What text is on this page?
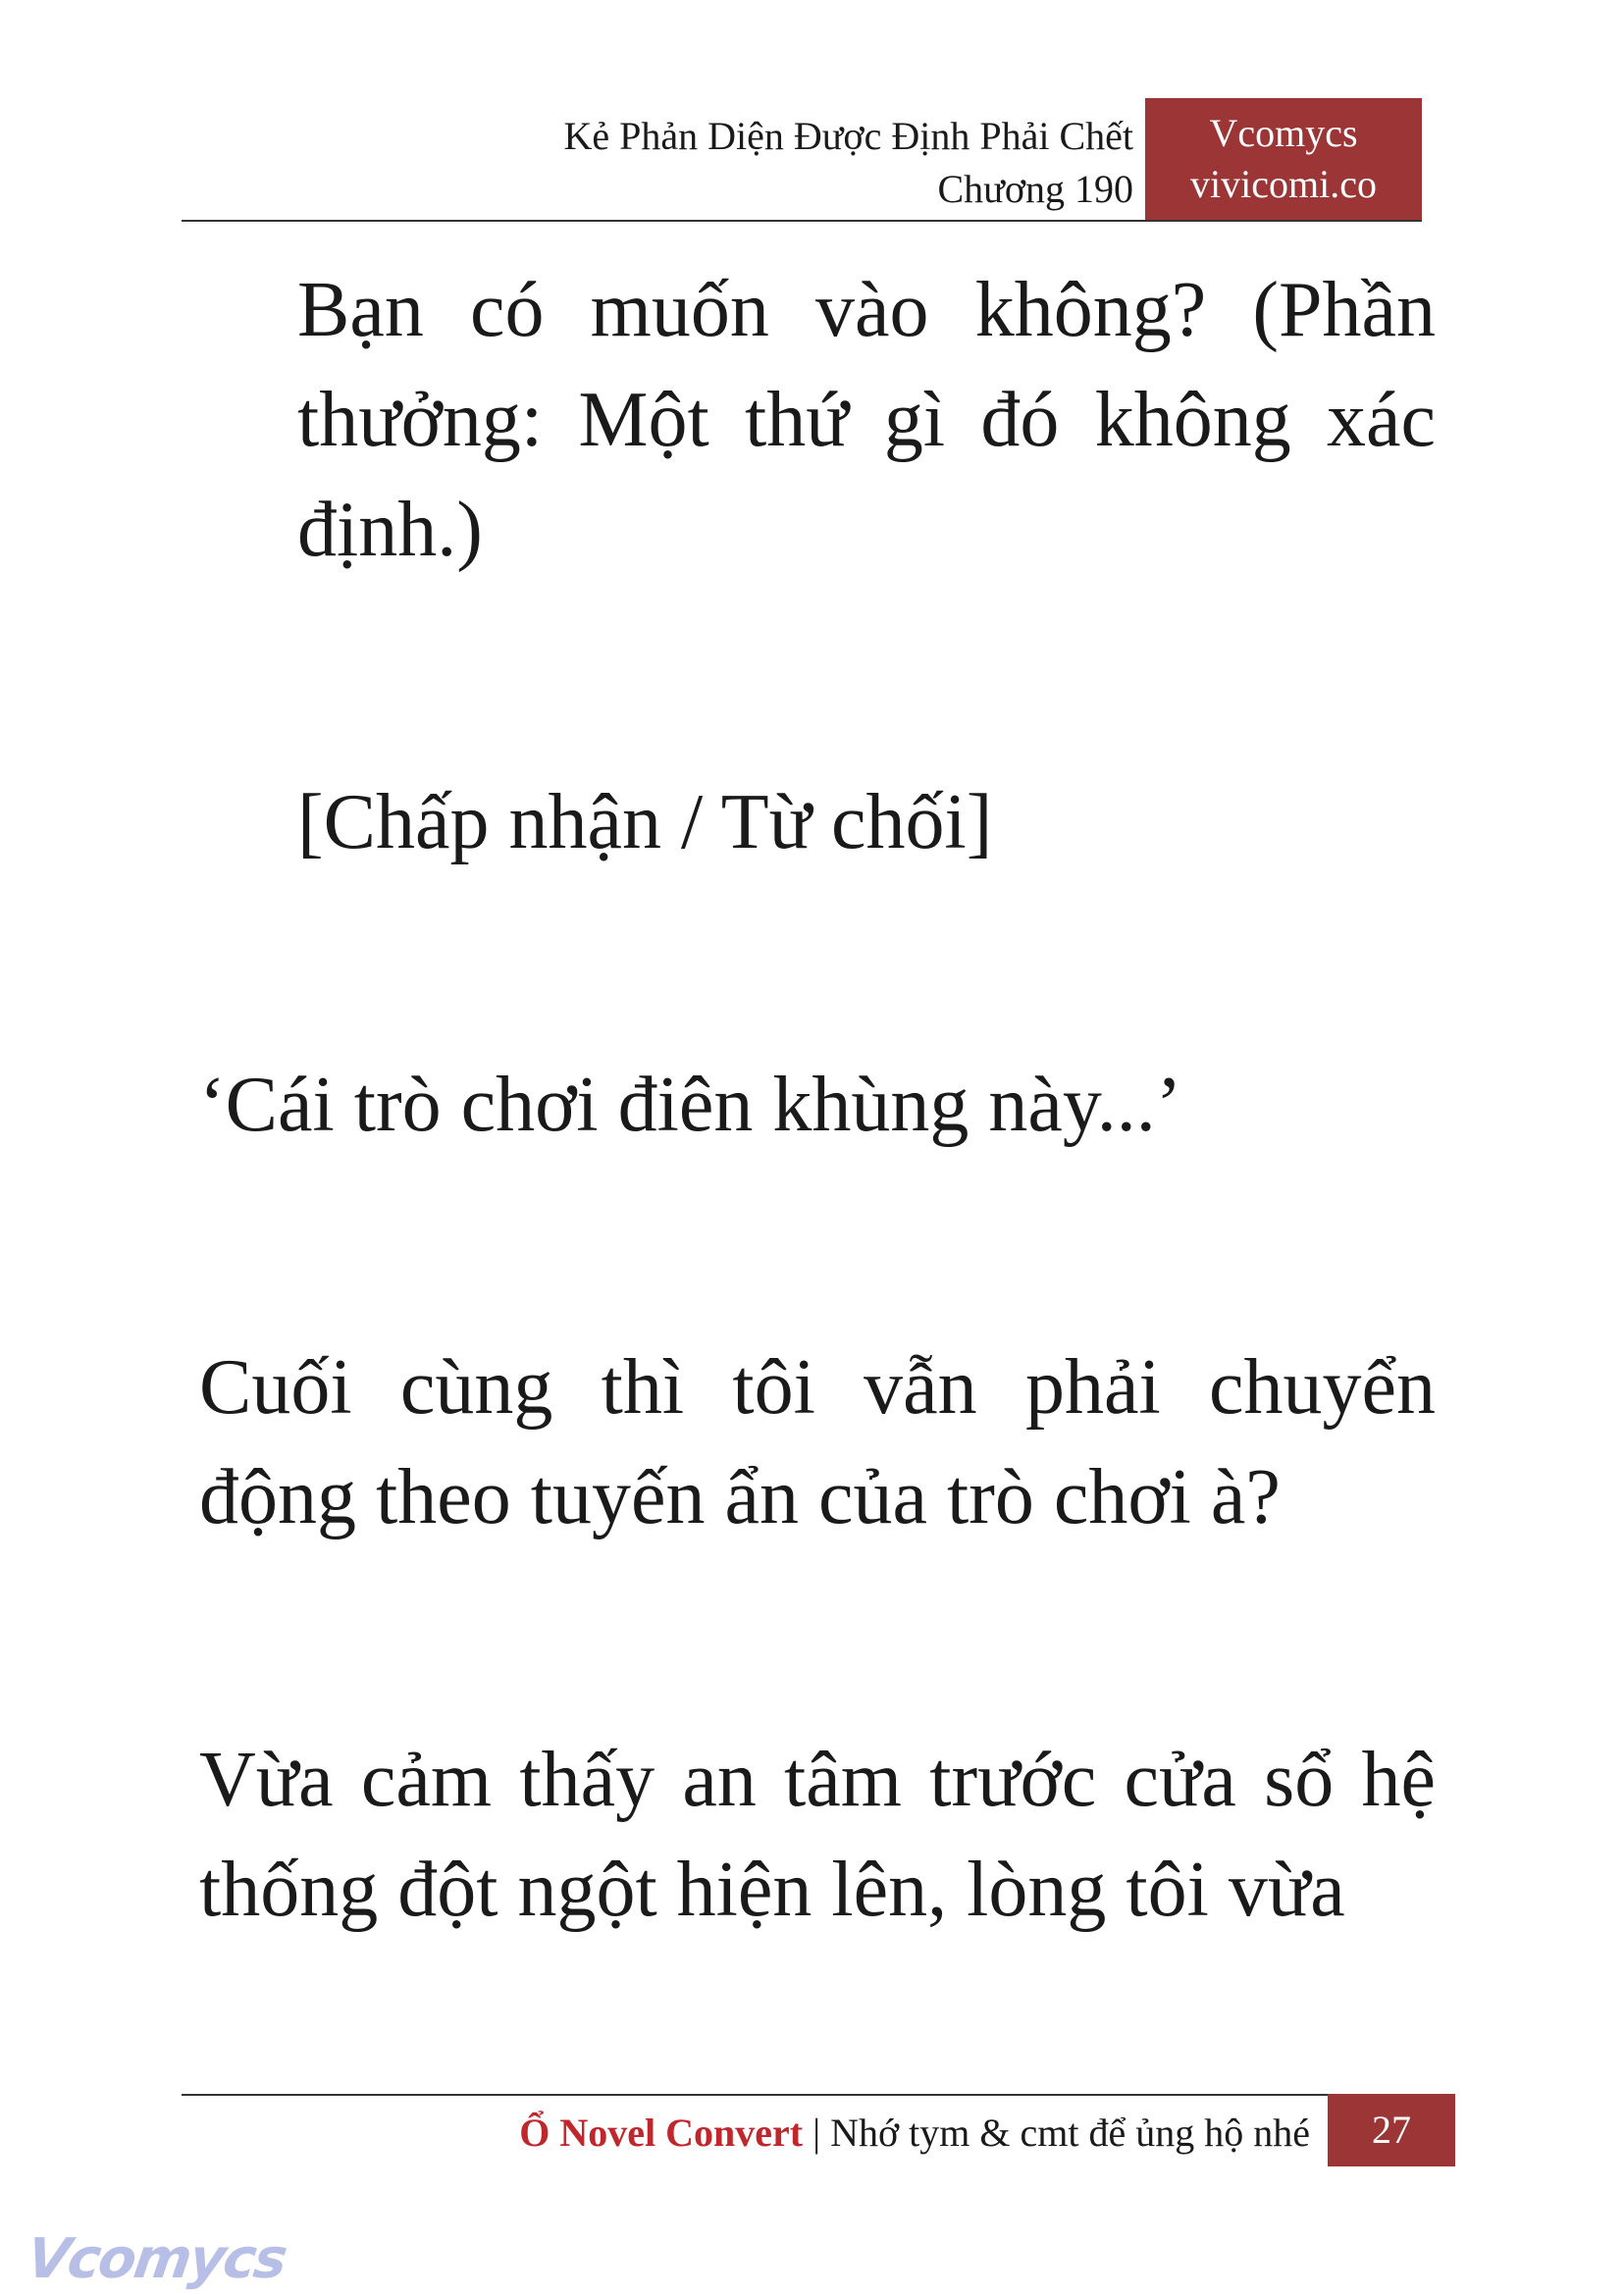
Kẻ Phản Diện Được Định Phải Chết
Chương 190
Vcomycs
vivicomi.co

Bạn có muốn vào không? (Phần thưởng: Một thứ gì đó không xác định.)

[Chấp nhận / Từ chối]

‘Cái trò chơi điên khùng này...’

Cuối cùng thì tôi vẫn phải chuyển động theo tuyến ẩn của trò chơi à?

Vừa cảm thấy an tâm trước cửa sổ hệ thống đột ngột hiện lên, lòng tôi vừa

Ổ Novel Convert | Nhớ tym & cmt để ủng hộ nhé	27
Vcomycs
